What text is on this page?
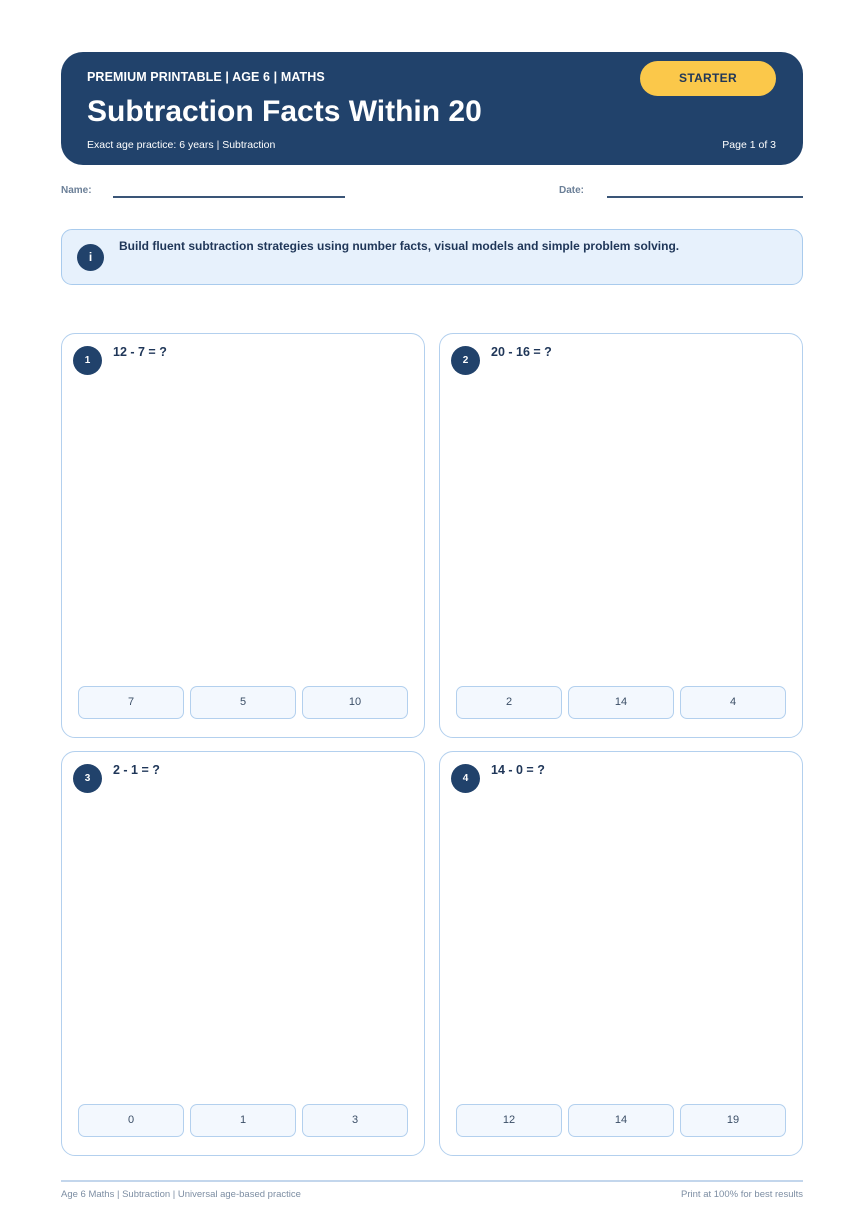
PREMIUM PRINTABLE | AGE 6 | MATHS
Subtraction Facts Within 20
Exact age practice: 6 years | Subtraction	Page 1 of 3
STARTER
Name:	Date:
i
Build fluent subtraction strategies using number facts, visual models and simple problem solving.
1
12 - 7 = ?
7	5	10
2
20 - 16 = ?
2	14	4
3
2 - 1 = ?
0	1	3
4
14 - 0 = ?
12	14	19
Age 6 Maths | Subtraction | Universal age-based practice	Print at 100% for best results
